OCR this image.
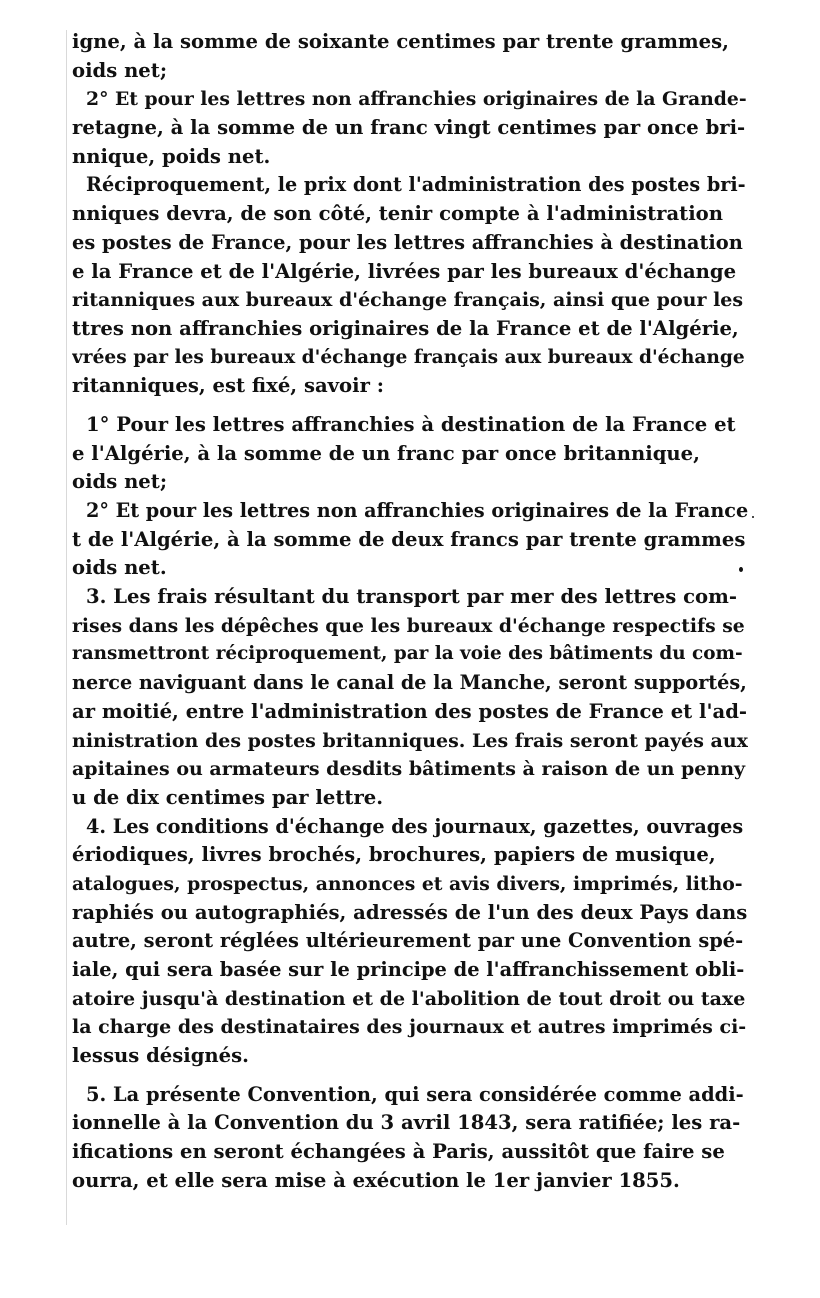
igne, à la somme de soixante centimes par trente grammes,
oids net;
2° Et pour les lettres non affranchies originaires de la Grande-
retagne, à la somme de un franc vingt centimes par once bri-
nnique, poids net.
Réciproquement, le prix dont l'administration des postes bri-
nniques devra, de son côté, tenir compte à l'administration
es postes de France, pour les lettres affranchies à destination
e la France et de l'Algérie, livrées par les bureaux d'échange
ritanniques aux bureaux d'échange français, ainsi que pour les
ttres non affranchies originaires de la France et de l'Algérie,
vrées par les bureaux d'échange français aux bureaux d'échange
ritanniques, est fixé, savoir :
1° Pour les lettres affranchies à destination de la France et
e l'Algérie, à la somme de un franc par once britannique,
oids net;
2° Et pour les lettres non affranchies originaires de la France
t de l'Algérie, à la somme de deux francs par trente grammes
oids net.
3. Les frais résultant du transport par mer des lettres com-
rises dans les dépêches que les bureaux d'échange respectifs se
ransmettront réciproquement, par la voie des bâtiments du com-
nerce naviguant dans le canal de la Manche, seront supportés,
ar moitié, entre l'administration des postes de France et l'ad-
ninistration des postes britanniques. Les frais seront payés aux
apitaines ou armateurs desdits bâtiments à raison de un penny
u de dix centimes par lettre.
4. Les conditions d'échange des journaux, gazettes, ouvrages
ériodiques, livres brochés, brochures, papiers de musique,
atalogues, prospectus, annonces et avis divers, imprimés, litho-
raphiés ou autographiés, adressés de l'un des deux Pays dans
autre, seront réglées ultérieurement par une Convention spé-
iale, qui sera basée sur le principe de l'affranchissement obli-
atoire jusqu'à destination et de l'abolition de tout droit ou taxe
la charge des destinataires des journaux et autres imprimés ci-
lessus désignés.
5. La présente Convention, qui sera considérée comme addi-
ionnelle à la Convention du 3 avril 1843, sera ratifiée; les ra-
ifications en seront échangées à Paris, aussitôt que faire se
ourra, et elle sera mise à exécution le 1er janvier 1855.
